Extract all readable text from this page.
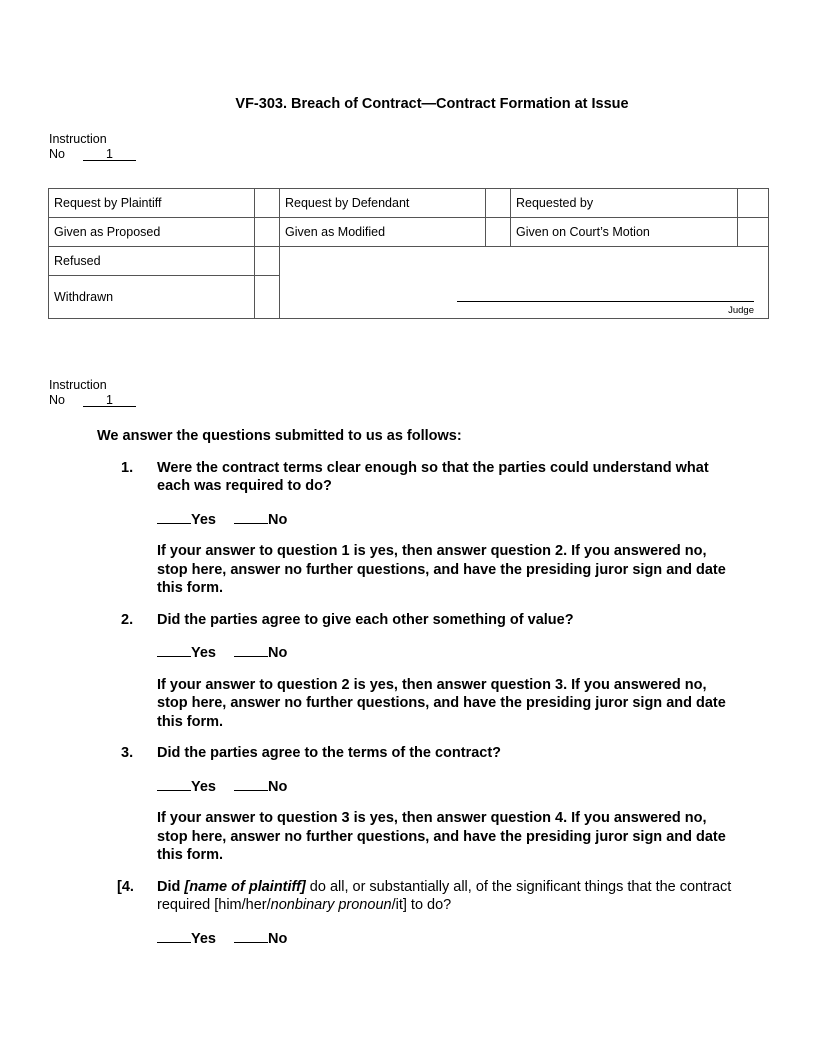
VF-303. Breach of Contract—Contract Formation at Issue
Instruction
No	1
Request by Plaintiff		Request by Defendant		Requested by	
Given as Proposed		Given as Modified		Given on Court’s Motion	
Refused		Judge			

Withdrawn					
Instruction
No	1

We answer the questions submitted to us as follows:

1. Were the contract terms clear enough so that the parties could understand what each was required to do?

Yes	No

If your answer to question 1 is yes, then answer question 2. If you answered no, stop here, answer no further questions, and have the presiding juror sign and date this form.

2. Did the parties agree to give each other something of value?

Yes	No

If your answer to question 2 is yes, then answer question 3. If you answered no, stop here, answer no further questions, and have the presiding juror sign and date this form.

3. Did the parties agree to the terms of the contract?

Yes	No

If your answer to question 3 is yes, then answer question 4. If you answered no, stop here, answer no further questions, and have the presiding juror sign and date this form.

[4. Did [name of plaintiff] do all, or substantially all, of the significant things that the contract required [him/her/nonbinary pronoun/it] to do?

Yes	No
